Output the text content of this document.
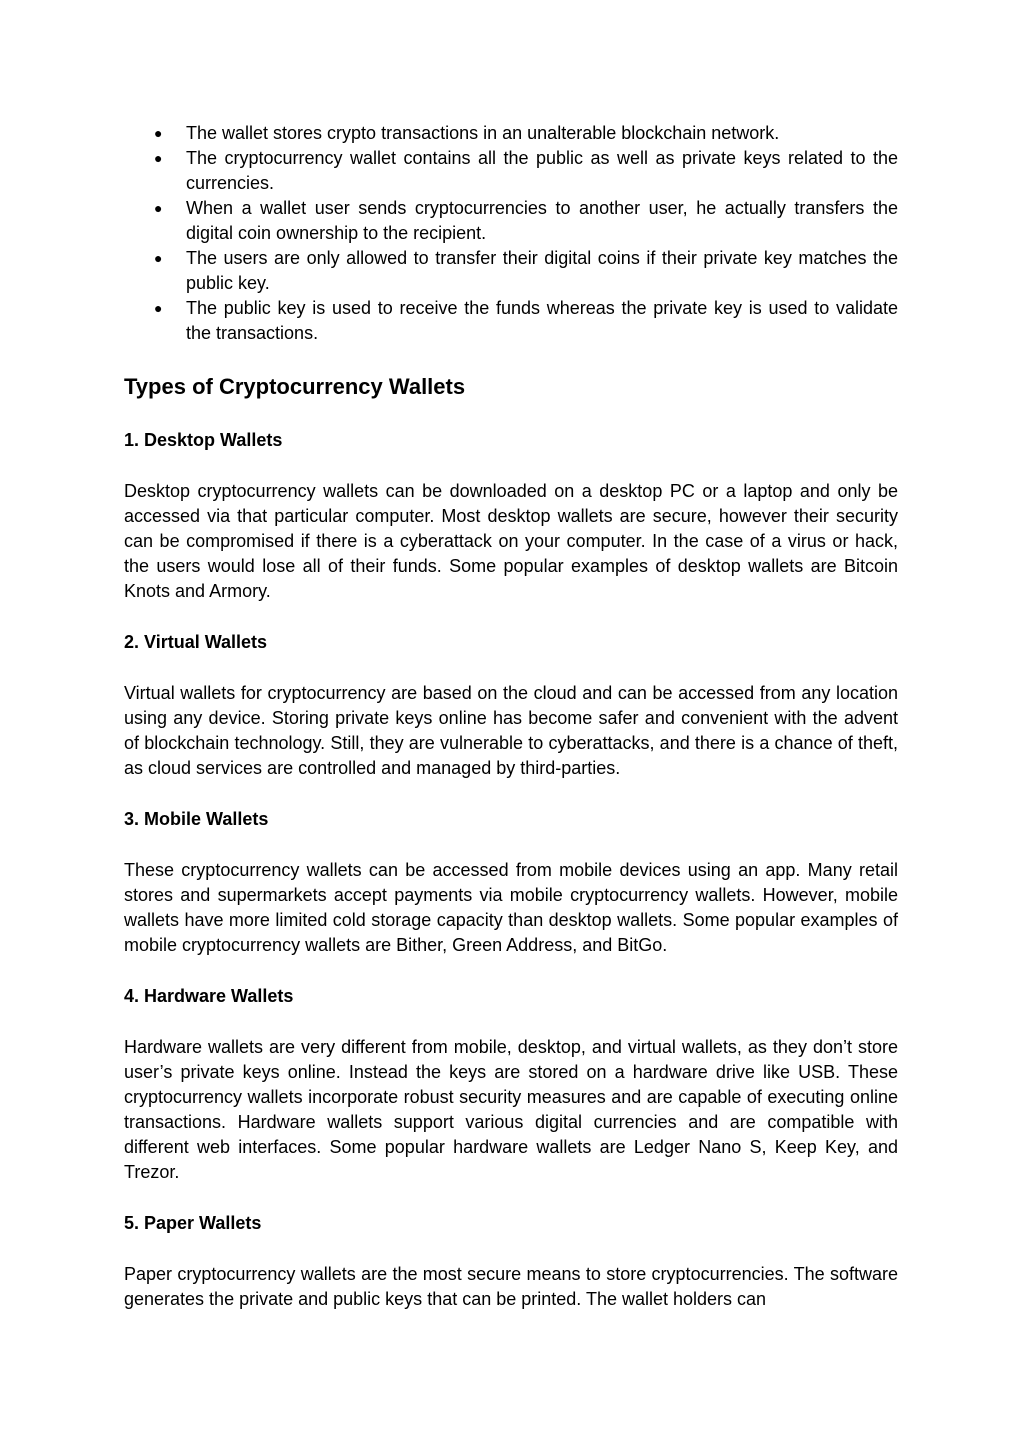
● The wallet stores crypto transactions in an unalterable blockchain network.
● The cryptocurrency wallet contains all the public as well as private keys related to the currencies.
● When a wallet user sends cryptocurrencies to another user, he actually transfers the digital coin ownership to the recipient.
● The users are only allowed to transfer their digital coins if their private key matches the public key.
● The public key is used to receive the funds whereas the private key is used to validate the transactions.
Types of Cryptocurrency Wallets
1. Desktop Wallets

Desktop cryptocurrency wallets can be downloaded on a desktop PC or a laptop and only be accessed via that particular computer. Most desktop wallets are secure, however their security can be compromised if there is a cyberattack on your computer. In the case of a virus or hack, the users would lose all of their funds. Some popular examples of desktop wallets are Bitcoin Knots and Armory.

2. Virtual Wallets

Virtual wallets for cryptocurrency are based on the cloud and can be accessed from any location using any device. Storing private keys online has become safer and convenient with the advent of blockchain technology. Still, they are vulnerable to cyberattacks, and there is a chance of theft, as cloud services are controlled and managed by third-parties.

3. Mobile Wallets

These cryptocurrency wallets can be accessed from mobile devices using an app. Many retail stores and supermarkets accept payments via mobile cryptocurrency wallets. However, mobile wallets have more limited cold storage capacity than desktop wallets. Some popular examples of mobile cryptocurrency wallets are Bither, Green Address, and BitGo.

4. Hardware Wallets

Hardware wallets are very different from mobile, desktop, and virtual wallets, as they don’t store user’s private keys online. Instead the keys are stored on a hardware drive like USB. These cryptocurrency wallets incorporate robust security measures and are capable of executing online transactions. Hardware wallets support various digital currencies and are compatible with different web interfaces. Some popular hardware wallets are Ledger Nano S, Keep Key, and Trezor.

5. Paper Wallets

Paper cryptocurrency wallets are the most secure means to store cryptocurrencies. The software generates the private and public keys that can be printed. The wallet holders can
